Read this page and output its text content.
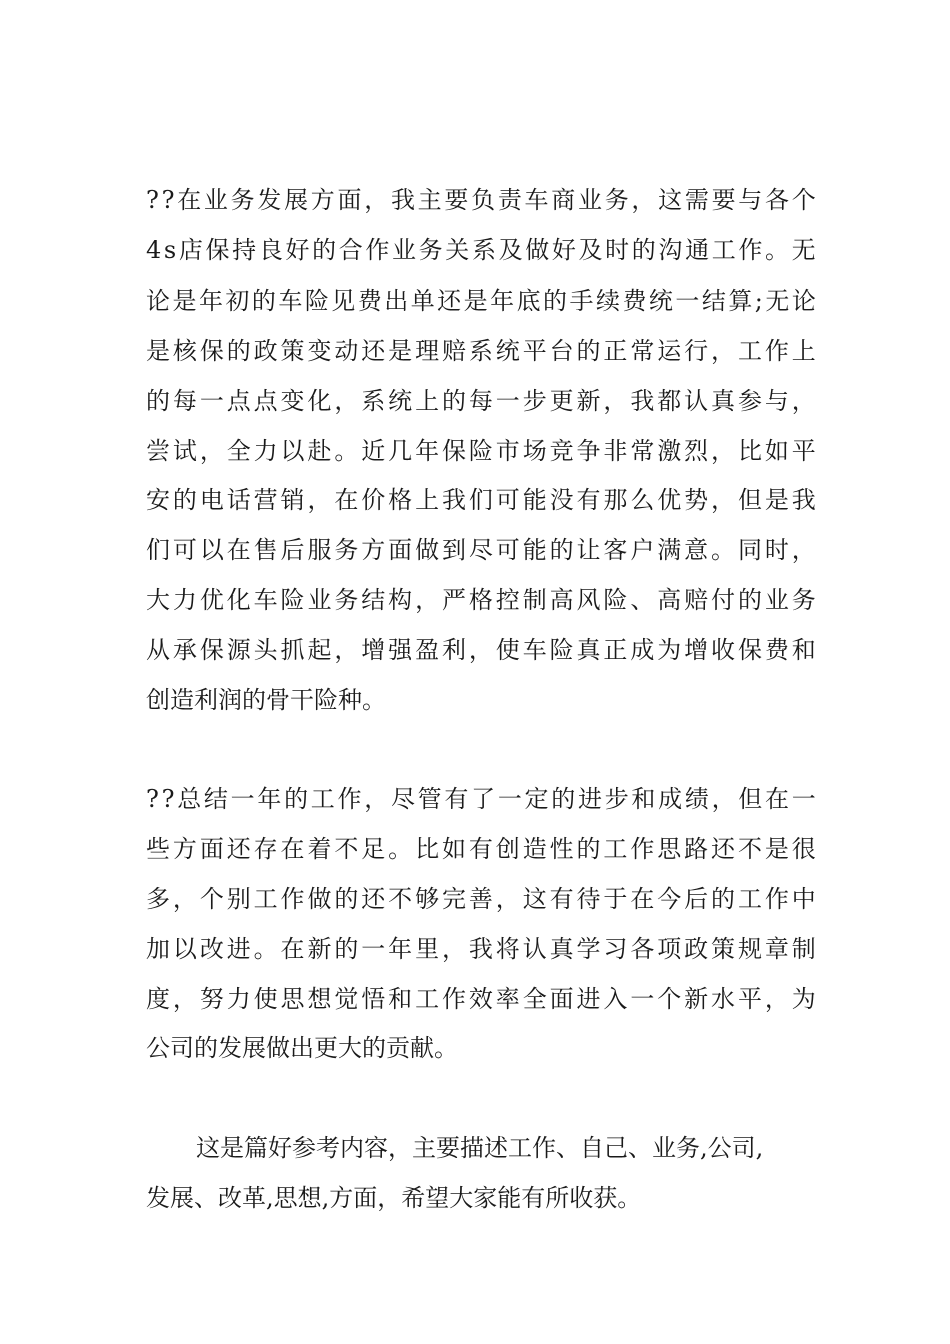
? ? 在 业 务 发 展 方 面 ， 我 主 要 负 责 车 商 业 务 ， 这 需 要 与 各 个
4 s 店 保 持 良 好 的 合 作 业 务 关 系 及 做 好 及 时 的 沟 通 工 作 。 无
论 是 年 初 的 车 险 见 费 出 单 还 是 年 底 的 手 续 费 统 一 结 算 ; 无 论
是 核 保 的 政 策 变 动 还 是 理 赔 系 统 平 台 的 正 常 运 行 ， 工 作 上
的 每 一 点 点 变 化 ， 系 统 上 的 每 一 步 更 新 ， 我 都 认 真 参 与 ，
尝 试 ， 全 力 以 赴 。 近 几 年 保 险 市 场 竞 争 非 常 激 烈 ， 比 如 平
安 的 电 话 营 销 ， 在 价 格 上 我 们 可 能 没 有 那 么 优 势 ， 但 是 我
们 可 以 在 售 后 服 务 方 面 做 到 尽 可 能 的 让 客 户 满 意 。 同 时 ，
大 力 优 化 车 险 业 务 结 构 ， 严 格 控 制 高 风 险 、 高 赔 付 的 业 务
从 承 保 源 头 抓 起 ， 增 强 盈 利 ， 使 车 险 真 正 成 为 增 收 保 费 和
创造利润的骨干险种。
? ? 总 结 一 年 的 工 作 ， 尽 管 有 了 一 定 的 进 步 和 成 绩 ， 但 在 一
些 方 面 还 存 在 着 不 足 。 比 如 有 创 造 性 的 工 作 思 路 还 不 是 很
多 ， 个 别 工 作 做 的 还 不 够 完 善 ， 这 有 待 于 在 今 后 的 工 作 中
加 以 改 进 。 在 新 的 一 年 里 ， 我 将 认 真 学 习 各 项 政 策 规 章 制
度 ， 努 力 使 思 想 觉 悟 和 工 作 效 率 全 面 进 入 一 个 新 水 平 ， 为
公司的发展做出更大的贡献。
这是篇好参考内容，主要描述工作、自己、业务,公司,
发展、改革,思想,方面，希望大家能有所收获。
